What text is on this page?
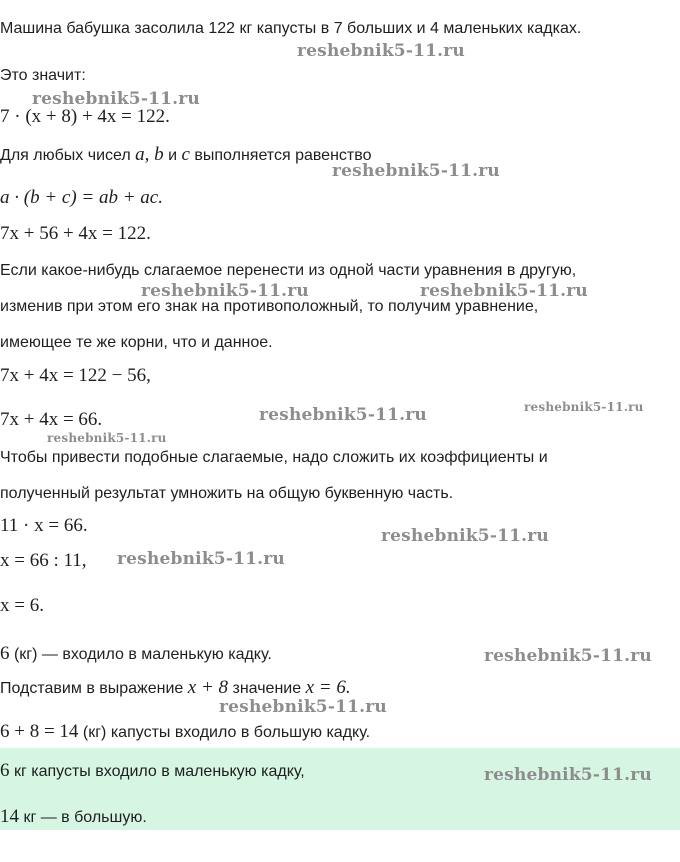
Машина бабушка засолила 122 кг капусты в 7 больших и 4 маленьких кадках.
Это значит:
7 · (x + 8) + 4x = 122.
Для любых чисел a, b и c выполняется равенство
a · (b + c) = ab + ac.
7x + 56 + 4x = 122.
Если какое-нибудь слагаемое перенести из одной части уравнения в другую,
изменив при этом его знак на противоположный, то получим уравнение,
имеющее те же корни, что и данное.
7x + 4x = 122 − 56,
7x + 4x = 66.
Чтобы привести подобные слагаемые, надо сложить их коэффициенты и
полученный результат умножить на общую буквенную часть.
11 · x = 66.
x = 66 : 11,
x = 6.
6 (кг) — входило в маленькую кадку.
Подставим в выражение x + 8 значение x = 6.
6 + 8 = 14 (кг) капусты входило в большую кадку.
6 кг капусты входило в маленькую кадку,
14 кг — в большую.
reshebnik5-11.ru
reshebnik5-11.ru
reshebnik5-11.ru
reshebnik5-11.ru	reshebnik5-11.ru
reshebnik5-11.ru	reshebnik5-11.ru
reshebnik5-11.ru
reshebnik5-11.ru
reshebnik5-11.ru
reshebnik5-11.ru
reshebnik5-11.ru
reshebnik5-11.ru
